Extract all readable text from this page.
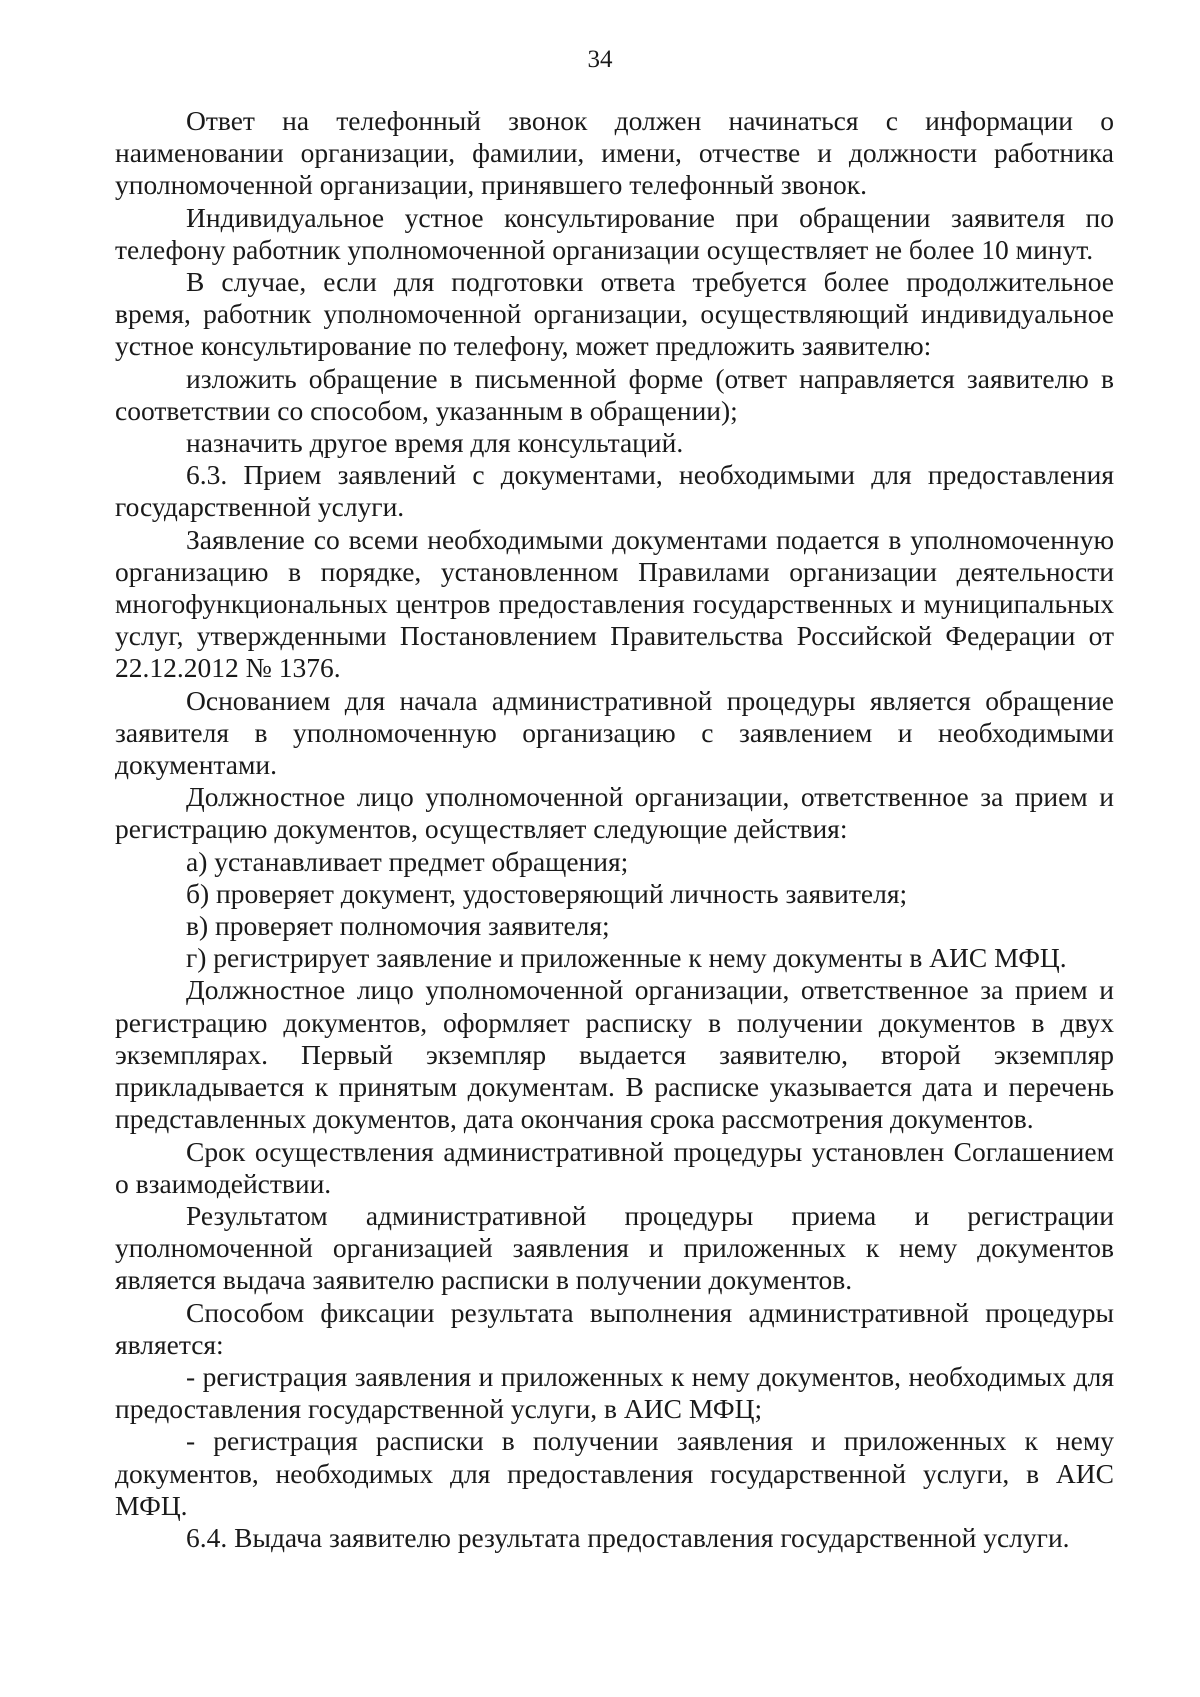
34

Ответ на телефонный звонок должен начинаться с информации о наименовании организации, фамилии, имени, отчестве и должности работника уполномоченной организации, принявшего телефонный звонок.

Индивидуальное устное консультирование при обращении заявителя по телефону работник уполномоченной организации осуществляет не более 10 минут.

В случае, если для подготовки ответа требуется более продолжительное время, работник уполномоченной организации, осуществляющий индивидуальное устное консультирование по телефону, может предложить заявителю:

изложить обращение в письменной форме (ответ направляется заявителю в соответствии со способом, указанным в обращении);

назначить другое время для консультаций.

6.3. Прием заявлений с документами, необходимыми для предоставления государственной услуги.

Заявление со всеми необходимыми документами подается в уполномоченную организацию в порядке, установленном Правилами организации деятельности многофункциональных центров предоставления государственных и муниципальных услуг, утвержденными Постановлением Правительства Российской Федерации от 22.12.2012 № 1376.

Основанием для начала административной процедуры является обращение заявителя в уполномоченную организацию с заявлением и необходимыми документами.

Должностное лицо уполномоченной организации, ответственное за прием и регистрацию документов, осуществляет следующие действия:

а) устанавливает предмет обращения;

б) проверяет документ, удостоверяющий личность заявителя;

в) проверяет полномочия заявителя;

г) регистрирует заявление и приложенные к нему документы в АИС МФЦ.

Должностное лицо уполномоченной организации, ответственное за прием и регистрацию документов, оформляет расписку в получении документов в двух экземплярах. Первый экземпляр выдается заявителю, второй экземпляр прикладывается к принятым документам. В расписке указывается дата и перечень представленных документов, дата окончания срока рассмотрения документов.

Срок осуществления административной процедуры установлен Соглашением о взаимодействии.

Результатом административной процедуры приема и регистрации уполномоченной организацией заявления и приложенных к нему документов является выдача заявителю расписки в получении документов.

Способом фиксации результата выполнения административной процедуры является:

- регистрация заявления и приложенных к нему документов, необходимых для предоставления государственной услуги, в АИС МФЦ;

- регистрация расписки в получении заявления и приложенных к нему документов, необходимых для предоставления государственной услуги, в АИС МФЦ.

6.4. Выдача заявителю результата предоставления государственной услуги.
